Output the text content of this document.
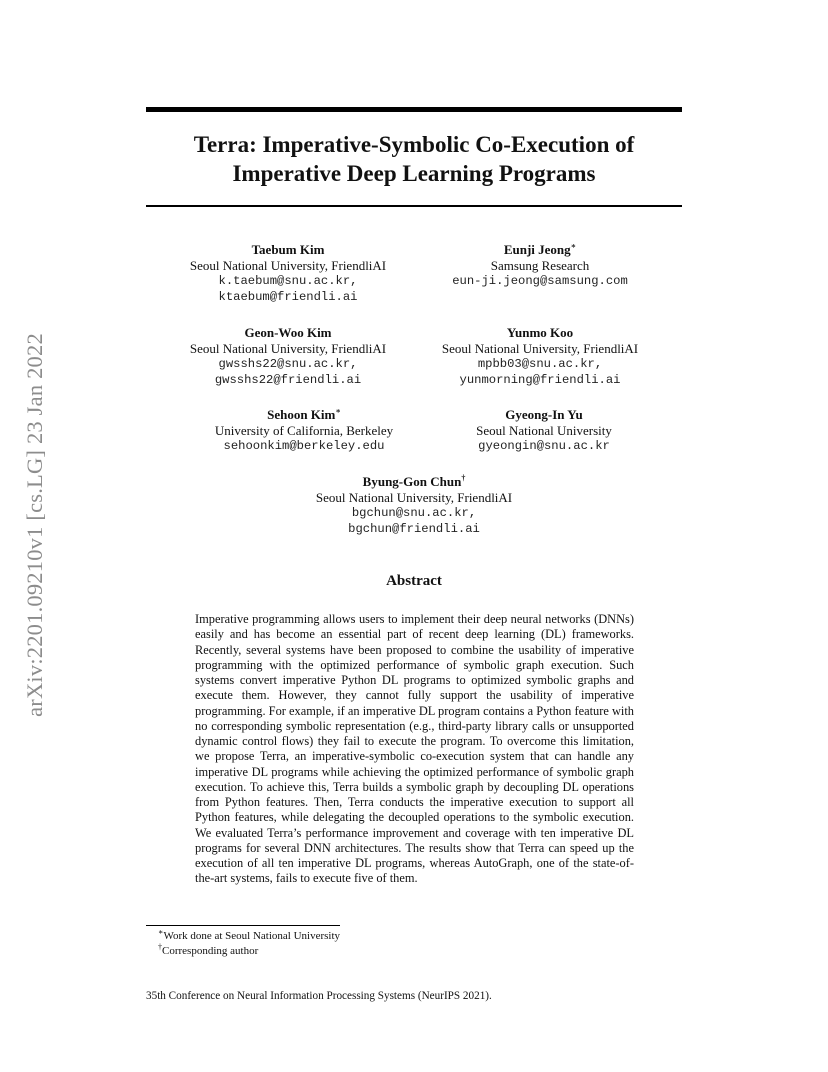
arXiv:2201.09210v1 [cs.LG] 23 Jan 2022
Terra: Imperative-Symbolic Co-Execution of
Imperative Deep Learning Programs
Taebum Kim
Seoul National University, FriendliAI
k.taebum@snu.ac.kr,
ktaebum@friendli.ai
Eunji Jeong∗
Samsung Research
eun-ji.jeong@samsung.com
Geon-Woo Kim
Seoul National University, FriendliAI
gwsshs22@snu.ac.kr,
gwsshs22@friendli.ai
Yunmo Koo
Seoul National University, FriendliAI
mpbb03@snu.ac.kr,
yunmorning@friendli.ai
Sehoon Kim∗
University of California, Berkeley
sehoonkim@berkeley.edu
Gyeong-In Yu
Seoul National University
gyeongin@snu.ac.kr
Byung-Gon Chun†
Seoul National University, FriendliAI
bgchun@snu.ac.kr,
bgchun@friendli.ai
Abstract
Imperative programming allows users to implement their deep neural networks (DNNs) easily and has become an essential part of recent deep learning (DL) frameworks. Recently, several systems have been proposed to combine the usability of imperative programming with the optimized performance of symbolic graph execution. Such systems convert imperative Python DL programs to optimized symbolic graphs and execute them. However, they cannot fully support the usability of imperative programming. For example, if an imperative DL program contains a Python feature with no corresponding symbolic representation (e.g., third-party library calls or unsupported dynamic control flows) they fail to execute the program. To overcome this limitation, we propose Terra, an imperative-symbolic co-execution system that can handle any imperative DL programs while achieving the optimized performance of symbolic graph execution. To achieve this, Terra builds a symbolic graph by decoupling DL operations from Python features. Then, Terra conducts the imperative execution to support all Python features, while delegating the decoupled operations to the symbolic execution. We evaluated Terra’s performance improvement and coverage with ten imperative DL programs for several DNN architectures. The results show that Terra can speed up the execution of all ten imperative DL programs, whereas AutoGraph, one of the state-of-the-art systems, fails to execute five of them.
∗Work done at Seoul National University
†Corresponding author
35th Conference on Neural Information Processing Systems (NeurIPS 2021).
